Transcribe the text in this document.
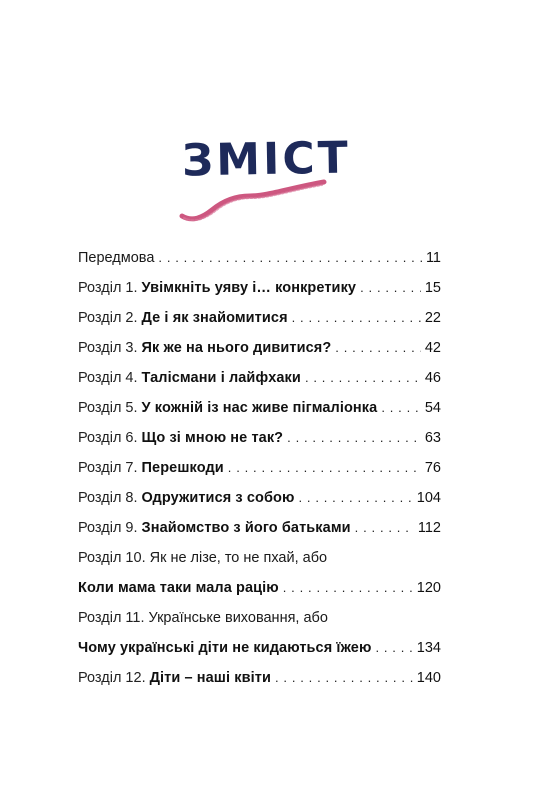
ЗМІСТ
Передмова . . .	11
Розділ 1. Увімкніть уяву і… конкретику . . .	15
Розділ 2. Де і як знайомитися . . .	22
Розділ 3. Як же на нього дивитися? . . .	42
Розділ 4. Талісмани і лайфхаки . . .	46
Розділ 5. У кожній із нас живе пігмаліонка . . .	54
Розділ 6. Що зі мною не так? . . .	63
Розділ 7. Перешкоди . . .	76
Розділ 8. Одружитися з собою . . .	104
Розділ 9. Знайомство з його батьками . . .	112
Розділ 10. Як не лізе, то не пхай, або
Коли мама таки мала рацію . . .	120
Розділ 11. Українське виховання, або
Чому українські діти не кидаються їжею . . .	134
Розділ 12. Діти – наші квіти . . .	140
